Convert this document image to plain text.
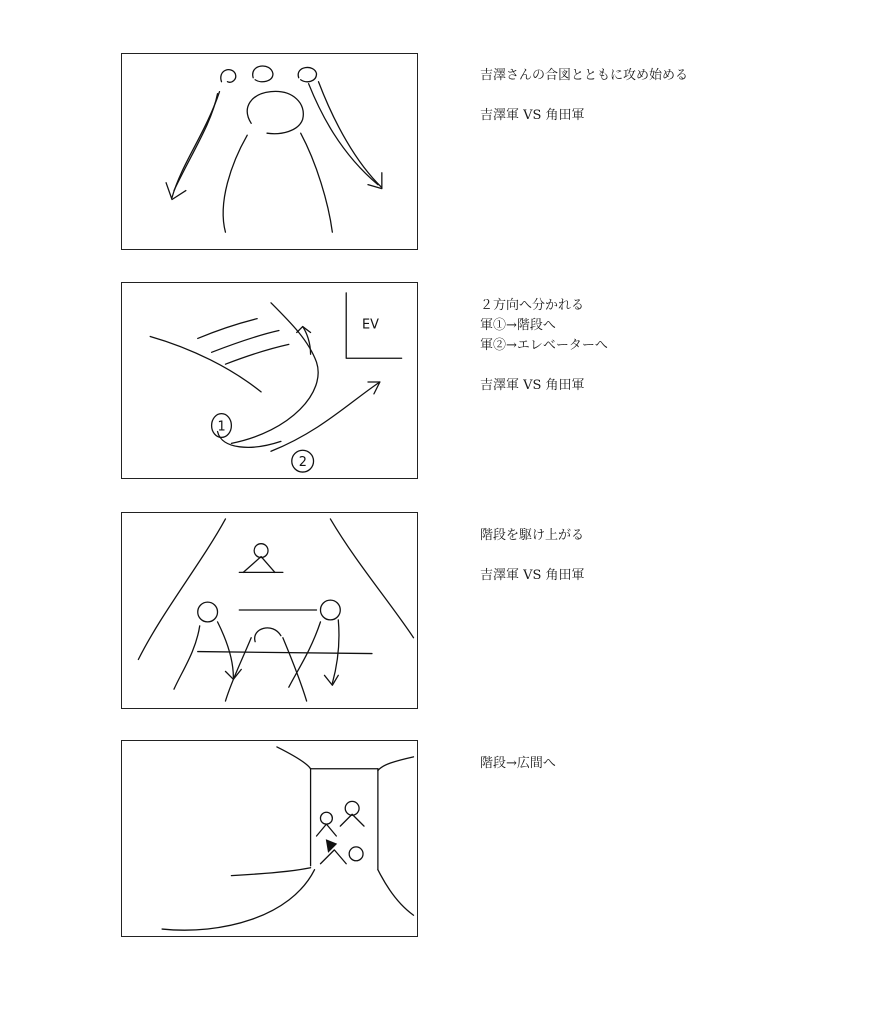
吉澤さんの合図とともに攻め始める

吉澤軍 VS 角田軍

EV
1
2

２方向へ分かれる

軍①→階段へ

軍②→エレベーターへ

吉澤軍 VS 角田軍

階段を駆け上がる

吉澤軍 VS 角田軍

階段→広間へ
